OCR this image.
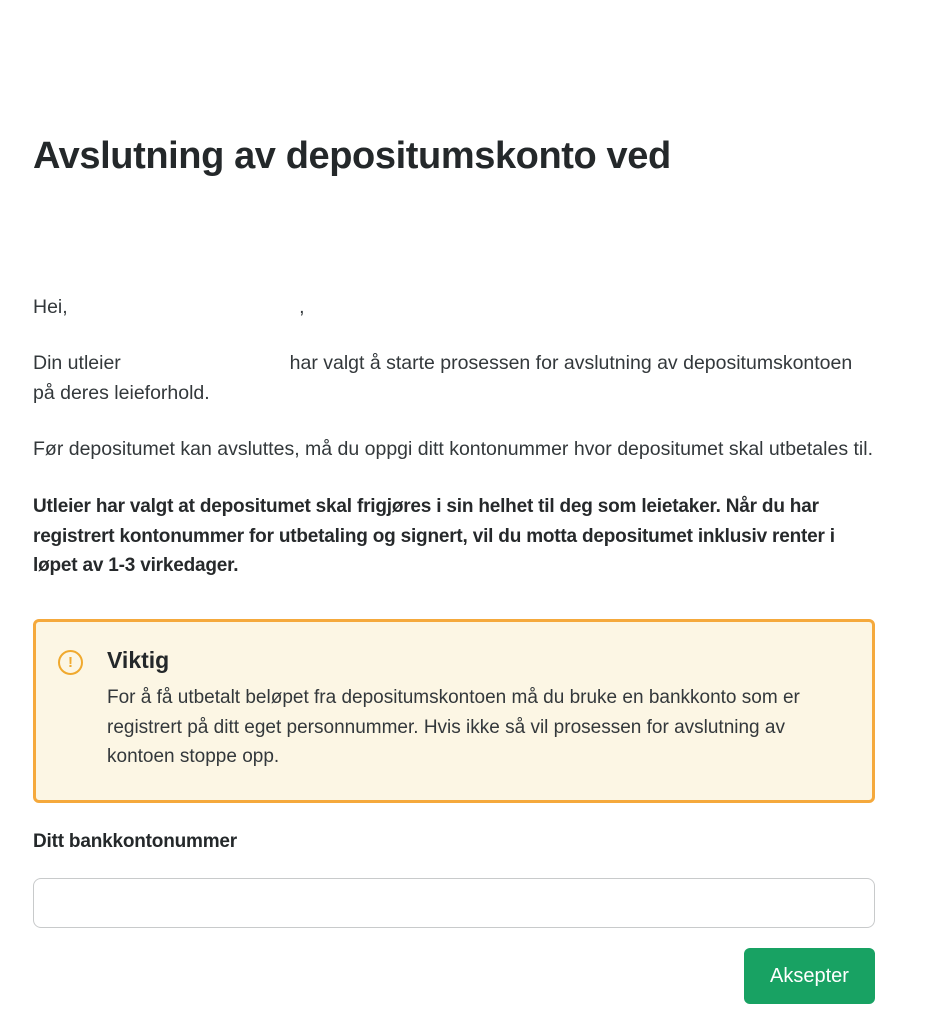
Avslutning av depositumskonto ved

Hei,	,

Din utleier	har valgt å starte prosessen for avslutning av depositumskontoen på deres leieforhold.

Før depositumet kan avsluttes, må du oppgi ditt kontonummer hvor depositumet skal utbetales til.

Utleier har valgt at depositumet skal frigjøres i sin helhet til deg som leietaker. Når du har registrert kontonummer for utbetaling og signert, vil du motta depositumet inklusiv renter i løpet av 1-3 virkedager.

!	Viktig
For å få utbetalt beløpet fra depositumskontoen må du bruke en bankkonto som er registrert på ditt eget personnummer. Hvis ikke så vil prosessen for avslutning av kontoen stoppe opp.
Ditt bankkontonummer
Aksepter
